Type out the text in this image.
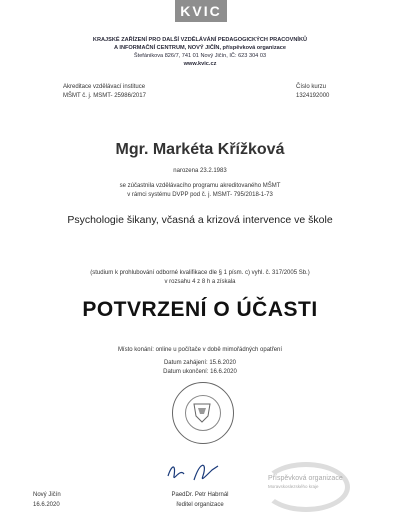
KVIC
KRAJSKÉ ZAŘÍZENÍ PRO DALŠÍ VZDĚLÁVÁNÍ PEDAGOGICKÝCH PRACOVNÍKŮ
A INFORMAČNÍ CENTRUM, NOVÝ JIČÍN, příspěvková organizace
Štefánikova 826/7, 741 01 Nový Jičín, IČ: 623 304 03
www.kvic.cz
Akreditace vzdělávací instituce
MŠMT č. j. MSMT- 25986/2017
Číslo kurzu
1324192000
Mgr. Markéta Křížková
narozena 23.2.1983
se zúčastnila vzdělávacího programu akreditovaného MŠMT
v rámci systému DVPP pod č. j. MSMT- 795/2018-1-73
Psychologie šikany, včasná a krizová intervence ve škole
(studium k prohlubování odborné kvalifikace dle § 1 písm. c) vyhl. č. 317/2005 Sb.)
v rozsahu 4 z 8 h a získala
POTVRZENÍ O ÚČASTI
Místo konání: online u počítače v době mimořádných opatření
Datum zahájení: 15.6.2020
Datum ukončení: 16.6.2020
Nový Jičín
16.6.2020
PaedDr. Petr Habrnál
ředitel organizace
Příspěvková organizace
Moravskoslezského kraje
